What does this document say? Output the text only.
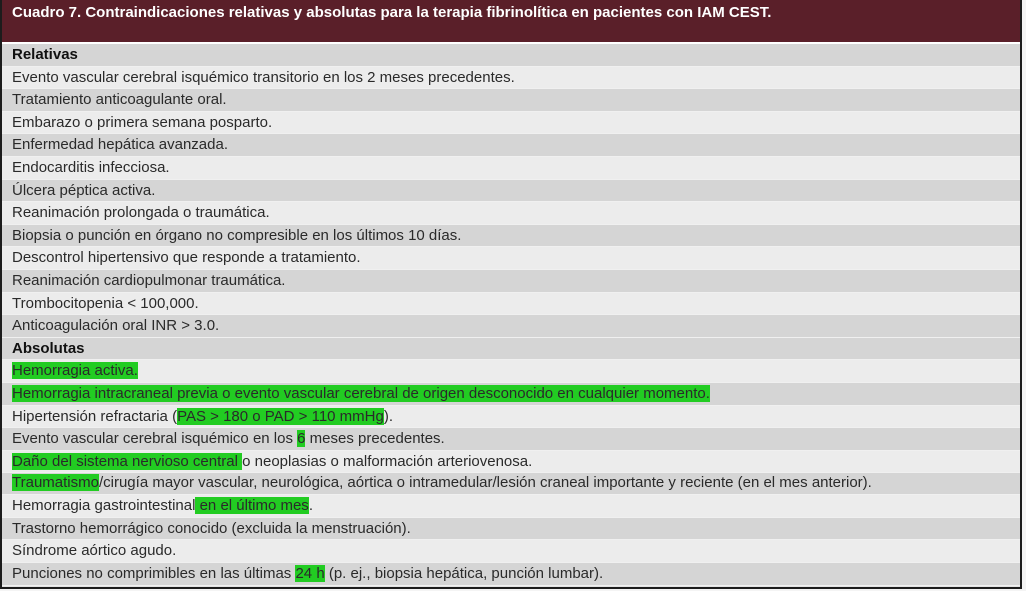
Cuadro 7. Contraindicaciones relativas y absolutas para la terapia fibrinolítica en pacientes con IAM CEST.
Relativas
Evento vascular cerebral isquémico transitorio en los 2 meses precedentes.
Tratamiento anticoagulante oral.
Embarazo o primera semana posparto.
Enfermedad hepática avanzada.
Endocarditis infecciosa.
Úlcera péptica activa.
Reanimación prolongada o traumática.
Biopsia o punción en órgano no compresible en los últimos 10 días.
Descontrol hipertensivo que responde a tratamiento.
Reanimación cardiopulmonar traumática.
Trombocitopenia < 100,000.
Anticoagulación oral INR > 3.0.
Absolutas
Hemorragia activa.
Hemorragia intracraneal previa o evento vascular cerebral de origen desconocido en cualquier momento.
Hipertensión refractaria (PAS > 180 o PAD > 110 mmHg).
Evento vascular cerebral isquémico en los 6 meses precedentes.
Daño del sistema nervioso central o neoplasias o malformación arteriovenosa.
Traumatismo/cirugía mayor vascular, neurológica, aórtica o intramedular/lesión craneal importante y reciente (en el mes anterior).
Hemorragia gastrointestinal en el último mes.
Trastorno hemorrágico conocido (excluida la menstruación).
Síndrome aórtico agudo.
Punciones no comprimibles en las últimas 24 h (p. ej., biopsia hepática, punción lumbar).
